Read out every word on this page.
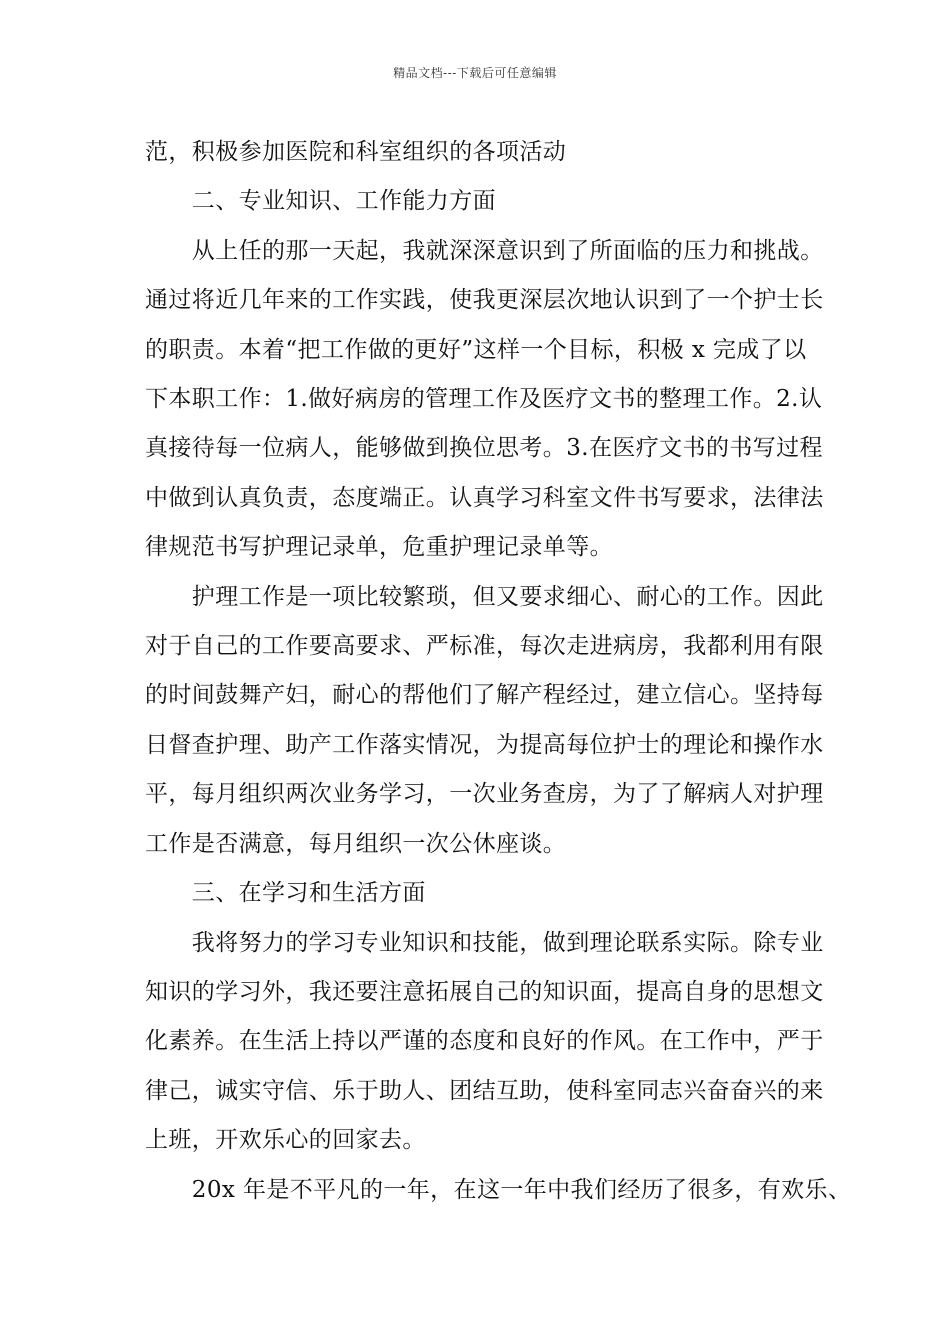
精品文档---下载后可任意编辑
范，积极参加医院和科室组织的各项活动
　　二、专业知识、工作能力方面
　　从上任的那一天起，我就深深意识到了所面临的压力和挑战。
通过将近几年来的工作实践，使我更深层次地认识到了一个护士长
的职责。本着“把工作做的更好”这样一个目标，积极 x 完成了以
下本职工作：1.做好病房的管理工作及医疗文书的整理工作。2.认
真接待每一位病人，能够做到换位思考。3.在医疗文书的书写过程
中做到认真负责，态度端正。认真学习科室文件书写要求，法律法
律规范书写护理记录单，危重护理记录单等。
　　护理工作是一项比较繁琐，但又要求细心、耐心的工作。因此
对于自己的工作要高要求、严标准，每次走进病房，我都利用有限
的时间鼓舞产妇，耐心的帮他们了解产程经过，建立信心。坚持每
日督查护理、助产工作落实情况，为提高每位护士的理论和操作水
平，每月组织两次业务学习，一次业务查房，为了了解病人对护理
工作是否满意，每月组织一次公休座谈。
　　三、在学习和生活方面
　　我将努力的学习专业知识和技能，做到理论联系实际。除专业
知识的学习外，我还要注意拓展自己的知识面，提高自身的思想文
化素养。在生活上持以严谨的态度和良好的作风。在工作中，严于
律己，诚实守信、乐于助人、团结互助，使科室同志兴奋奋兴的来
上班，开欢乐心的回家去。
　　20x 年是不平凡的一年，在这一年中我们经历了很多，有欢乐、
